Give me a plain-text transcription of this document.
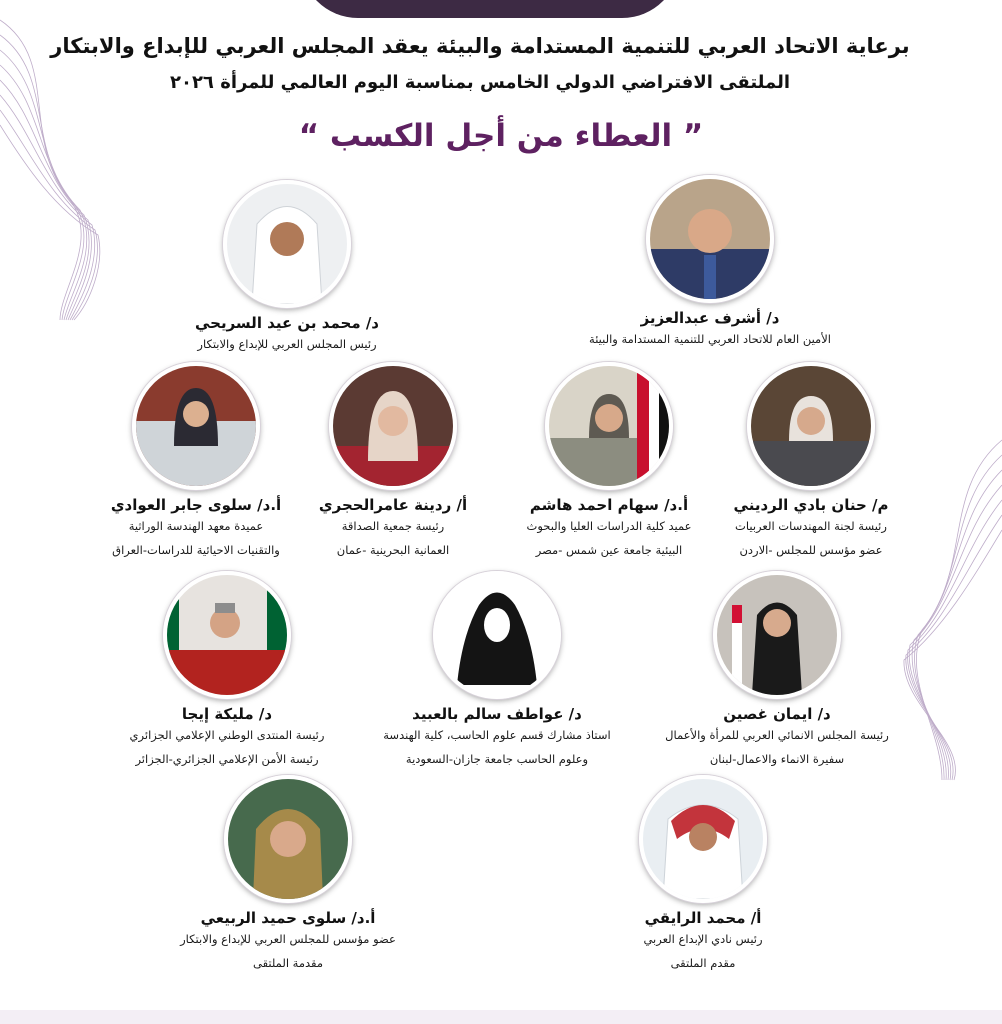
برعاية الاتحاد العربي للتنمية المستدامة والبيئة يعقد المجلس العربي للإبداع والابتكار
الملتقى الافتراضي الدولي الخامس بمناسبة اليوم العالمي للمرأة ٢٠٢٦
” العطاء من أجل الكسب “
د/ أشرف عبدالعزيز
الأمين العام للاتحاد العربي للتنمية المستدامة والبيئة
د/ محمد بن عيد السريحي
رئيس المجلس العربي للإبداع والابتكار
م/ حنان بادي الرديني
رئيسة لجنة المهندسات العربيات
عضو مؤسس للمجلس -الاردن
أ.د/ سهام احمد هاشم
عميد كلية الدراسات العليا والبحوث
البيئية جامعة عين شمس -مصر
أ/ ردينة عامرالحجري
رئيسة جمعية الصداقة
العمانية البحرينية -عمان
أ.د/ سلوى جابر العوادي
عميدة معهد الهندسة الوراثية
والتقنيات الاحيائية للدراسات-العراق
د/ ايمان غصين
رئيسة المجلس الانمائي العربي للمرأة والأعمال
سفيرة الانماء والاعمال-لبنان
د/ عواطف سالم بالعبيد
استاذ مشارك قسم علوم الحاسب، كلية الهندسة
وعلوم الحاسب جامعة جازان-السعودية
د/ مليكة إيجا
رئيسة المنتدى الوطني الإعلامي الجزائري
رئيسة الأمن الإعلامي الجزائري-الجزائر
أ/ محمد الرايقي
رئيس نادي الإبداع العربي
مقدم الملتقى
أ.د/ سلوى حميد الربيعي
عضو مؤسس للمجلس العربي للإبداع والابتكار
مقدمة الملتقى
